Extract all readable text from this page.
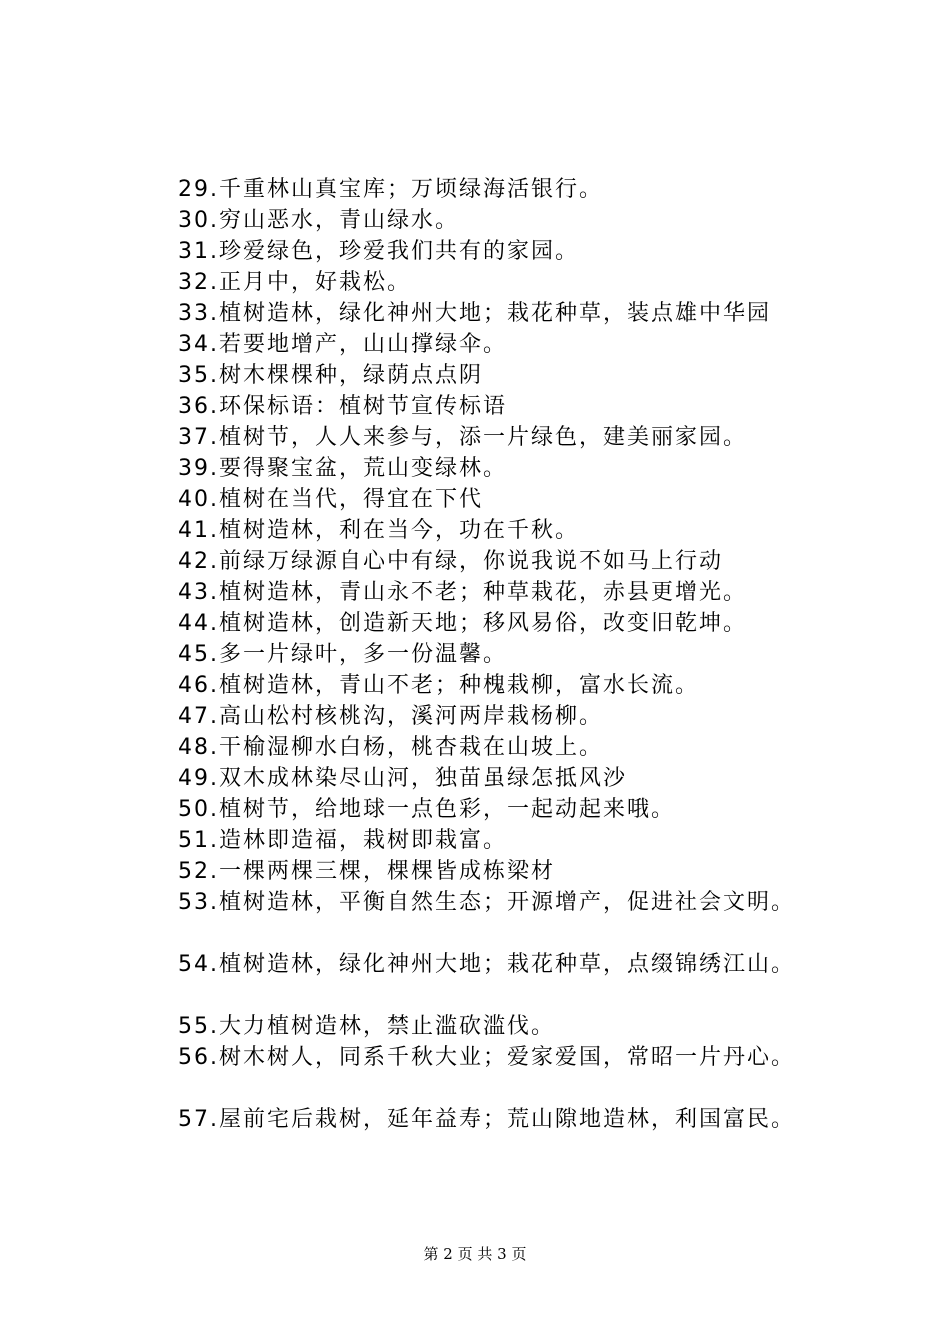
29.千重林山真宝库；万顷绿海活银行。
30.穷山恶水，青山绿水。
31.珍爱绿色，珍爱我们共有的家园。
32.正月中，好栽松。
33.植树造林，绿化神州大地；栽花种草，装点雄中华园
34.若要地增产，山山撑绿伞。
35.树木棵棵种，绿荫点点阴
36.环保标语：植树节宣传标语
37.植树节，人人来参与，添一片绿色，建美丽家园。
39.要得聚宝盆，荒山变绿林。
40.植树在当代，得宜在下代
41.植树造林，利在当今，功在千秋。
42.前绿万绿源自心中有绿，你说我说不如马上行动
43.植树造林，青山永不老；种草栽花，赤县更增光。
44.植树造林，创造新天地；移风易俗，改变旧乾坤。
45.多一片绿叶，多一份温馨。
46.植树造林，青山不老；种槐栽柳，富水长流。
47.高山松村核桃沟，溪河两岸栽杨柳。
48.干榆湿柳水白杨，桃杏栽在山坡上。
49.双木成林染尽山河，独苗虽绿怎抵风沙
50.植树节，给地球一点色彩，一起动起来哦。
51.造林即造福，栽树即栽富。
52.一棵两棵三棵，棵棵皆成栋梁材
53.植树造林，平衡自然生态；开源增产，促进社会文明。
54.植树造林，绿化神州大地；栽花种草，点缀锦绣江山。
55.大力植树造林，禁止滥砍滥伐。
56.树木树人，同系千秋大业；爱家爱国，常昭一片丹心。
57.屋前宅后栽树，延年益寿；荒山隙地造林，利国富民。
第 2 页 共 3 页
